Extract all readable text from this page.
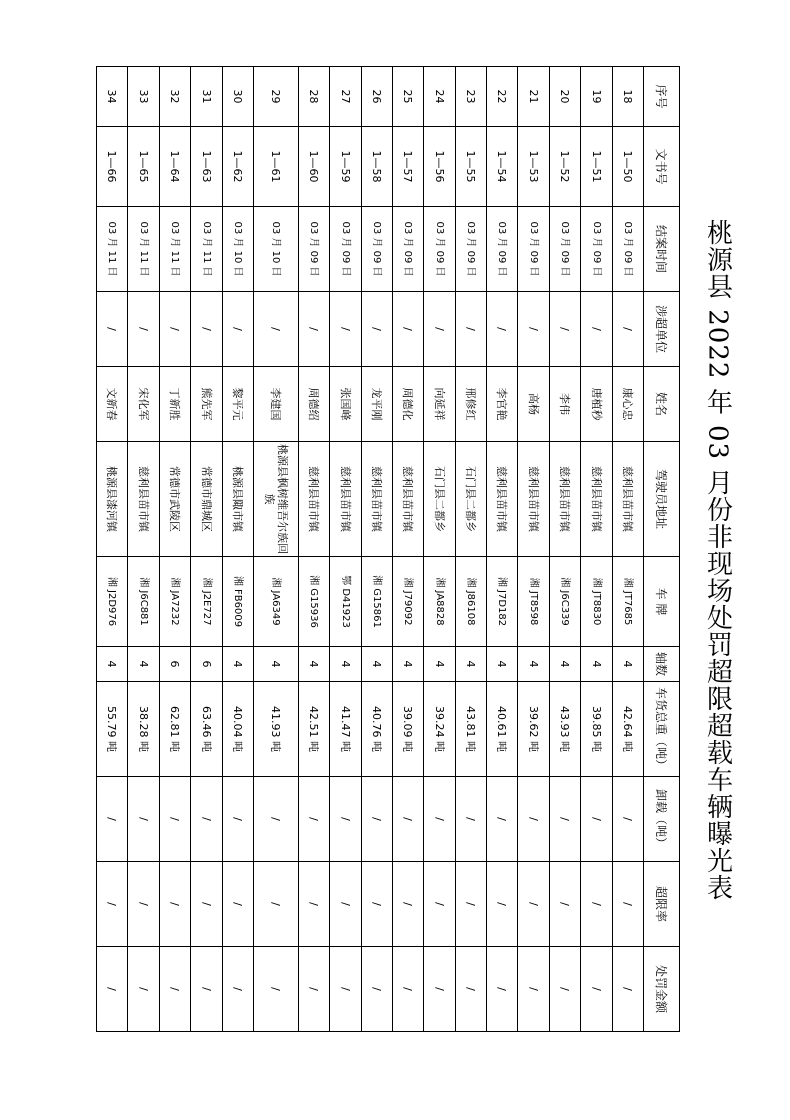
桃源县 2022 年 03 月份非现场处罚超限超载车辆曝光表
序号	文书号	结案时间	涉超单位	姓名	驾驶员地址	车 牌	轴数	车货总重（吨）	卸载（吨）	超限率	处罚金额
18	1—50	03 月 09 日	/	康心忠	慈利县苗市镇	湘 JT7685	4	42.64 吨	/	/	/
19	1—51	03 月 09 日	/	唐植秒	慈利县苗市镇	湘 JT8830	4	39.85 吨	/	/	/
20	1—52	03 月 09 日	/	李伟	慈利县苗市镇	湘 J6C339	4	43.93 吨	/	/	/
21	1—53	03 月 09 日	/	高杨	慈利县苗市镇	湘 JT8598	4	39.62 吨	/	/	/
22	1—54	03 月 09 日	/	李官艳	慈利县苗市镇	湘 J7D182	4	40.61 吨	/	/	/
23	1—55	03 月 09 日	/	邢修红	石门县二都乡	湘 J86108	4	43.81 吨	/	/	/
24	1—56	03 月 09 日	/	向延祥	石门县二都乡	湘 JA8828	4	39.24 吨	/	/	/
25	1—57	03 月 09 日	/	周德化	慈利县苗市镇	湘 J79092	4	39.09 吨	/	/	/
26	1—58	03 月 09 日	/	龙平刚	慈利县苗市镇	湘 G15861	4	40.76 吨	/	/	/
27	1—59	03 月 09 日	/	张国峰	慈利县苗市镇	鄂 D41923	4	41.47 吨	/	/	/
28	1—60	03 月 09 日	/	周德绍	慈利县苗市镇	湘 G15936	4	42.51 吨	/	/	/
29	1—61	03 月 10 日	/	李建国	桃源县枫树维吾尔族回族	湘 JA6349	4	41.93 吨	/	/	/
30	1—62	03 月 10 日	/	黎平元	桃源县陬市镇	湘 FB6009	4	40.04 吨	/	/	/
31	1—63	03 月 11 日	/	熊先军	常德市鼎城区	湘 J2E727	6	63.46 吨	/	/	/
32	1—64	03 月 11 日	/	丁新胜	常德市武陵区	湘 JA7232	6	62.81 吨	/	/	/
33	1—65	03 月 11 日	/	宋化军	慈利县苗市镇	湘 J6C881	4	38.28 吨	/	/	/
34	1—66	03 月 11 日	/	文新春	桃源县漆河镇	湘 J2D976	4	55.79 吨	/	/	/
